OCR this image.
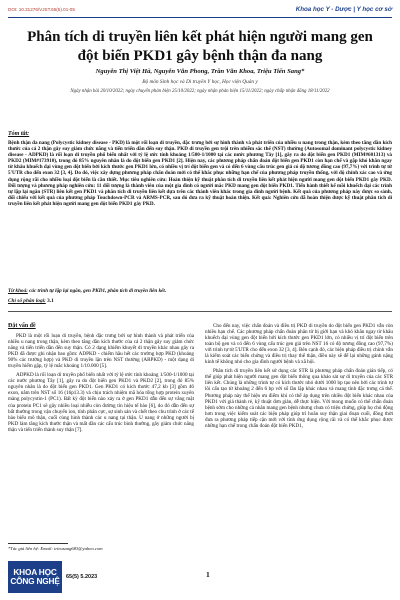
DOI: 10.31276/VJST.65(5).01-05	Khoa học Y - Dược | Y học cơ sở
Phân tích di truyền liên kết phát hiện người mang gen đột biến PKD1 gây bệnh thận đa nang
Nguyễn Thị Việt Hà, Nguyễn Văn Phong, Trần Văn Khoa, Triệu Tiến Sang*
Bộ môn Sinh học và Di truyền Y học, Học viện Quân y
Ngày nhận bài 20/10/2022; ngày chuyển phản biện 25/10/2022; ngày nhận phản biện 15/11/2022; ngày chấp nhận đăng 18/11/2022
Tóm tắt:
Bệnh thận đa nang (Polycystic kidney disease - PKD) là một rối loạn di truyền, đặc trưng bởi sự hình thành và phát triển của nhiều u nang trong thận, kèm theo tăng dần kích thước của cả 2 thận gây suy giảm chức năng và tiến triển dần đến suy thận. PKD di truyền gen trội trên nhiễm sắc thể (NST) thường (Autosomal dominant polycystic kidney disease - ADPKD) là rối loạn di truyền phổ biến nhất với tỷ lệ ước tính khoảng 1/500-1/1000 tại các nước phương Tây [1], gây ra do đột biến gen PKD1 (MIM#601313) và PKD2 (MIM#173910), trong đó 85% nguyên nhân là do đột biến gen PKD1 [2]. Hiện nay, các phương pháp chẩn đoán đột biến gen PKD1 còn hạn chế và gặp khó khăn ngay từ khâu khuếch đại vùng gen đột biến bởi kích thước gen PKD1 lớn, có nhiều vị trí đột biến gen và có đến 6 vùng cấu trúc gen giả có độ tương đồng cao (97,7%) với trình tự từ 5'UTR cho đến exon 32 [3, 4]. Do đó, việc xây dựng phương pháp chẩn đoán mới có thể khắc phục những hạn chế của phương pháp truyền thống, với độ chính xác cao và ứng dụng rộng rãi cho nhiều loại đột biến là cần thiết. Mục tiêu nghiên cứu: Hoàn thiện kỹ thuật phân tích di truyền liên kết phát hiện người mang gen đột biến PKD1 gây PKD. Đối tượng và phương pháp nghiên cứu: 11 đối tượng là thành viên của một gia đình có người mắc PKD mang gen đột biến PKD1. Tiến hành thiết kế mồi khuếch đại các trình tự lặp lại ngắn (STR) liên kết gen PKD1 và phân tích di truyền liên kết dựa trên các thành viên khác trong gia đình người bệnh. Kết quả của phương pháp này được so sánh, đối chiếu với kết quả của phương pháp Touchdown-PCR và ARMS-PCR, sau đó đưa ra kỹ thuật hoàn thiện. Kết quả: Nghiên cứu đã hoàn thiện được kỹ thuật phân tích di truyền liên kết phát hiện người mang gen đột biến PKD1 gây PKD.
Từ khoá: các trình tự lặp lại ngắn, gen PKD1, phân tích di truyền liên kết.
Chỉ số phân loại: 3.1
Đặt vấn đề

PKD là một rối loạn di truyền, bệnh đặc trưng bởi sự hình thành và phát triển của nhiều u nang trong thận, kèm theo tăng dần kích thước của cả 2 thận gây suy giảm chức năng và tiến triển dần đến suy thận. Có 2 dạng khiếm khuyết di truyền khác nhau gây ra PKD đã được ghi nhận bao gồm: ADPKD - chiếm hầu hết các trường hợp PKD (khoảng 90% các trường hợp) và PKD di truyền lặn trên NST thường (ARPKD) - một dạng di truyền hiếm gặp, tỷ lệ mắc khoảng 1/10.000 [5].

ADPKD là rối loạn di truyền phổ biến nhất với tỷ lệ ước tính khoảng 1/500-1/1000 tại các nước phương Tây [1], gây ra do đột biến gen PKD1 và PKD2 [2], trong đó 85% nguyên nhân là do đột biến gen PKD1. Gen PKD1 có kích thước 47,2 kb [3] gồm 46 exon, nằm trên NST số 16 (16p13.3) và chịu trách nhiệm mã hóa tổng hợp protein xuyên màng polycystin-1 (PC1). Bất kỳ đột biến nào xảy ra ở gen PKD1 dẫn đến sự vắng mặt của protein PC1 sẽ gây nhiều loại nhiễu còn đường tín hiệu tế bào [6], do đó dẫn đến sự bất thường trong vận chuyển ion, tính phân cực, sự sinh sản và chết theo chu trình ở các tế bào biểu mô thận, cuối cùng hình thành các u nang tại thận. U nang ở những người bị PKD làm tăng kích thước thận và mất dần các cấu trúc bình thường, gây giảm chức năng thận và tiến triển thành suy thận [7].

Cho đến nay, việc chẩn đoán và điều trị PKD di truyền do đột biến gen PKD1 vẫn còn nhiều hạn chế. Các phương pháp chẩn đoán phân tử bị giới hạn và khó khăn ngay từ khâu khuếch đại vùng gen đột biến bởi kích thước gen PKD1 lớn, có nhiều vị trí đột biến trên toàn bộ gen và có đến 6 vùng cấu trúc gen giả trên NST 16 có độ tương đồng cao (97,7%) với trình tự từ 5'UTR cho đến exon 32 [3, 4]. Bên cạnh đó, các biện pháp điều trị chính vẫn là kiểm soát các biến chứng và điều trị thay thế thận, điều này sẽ để lại những gánh nặng kinh tế không nhỏ cho gia đình người bệnh và xã hội.

Phân tích di truyền liên kết sử dụng các STR là phương pháp chẩn đoán gián tiếp, có thể giúp phát hiện người mang gen đột biến thông qua khảo sát sự di truyền của các STR liên kết. Chúng là những trình tự có kích thước nhỏ dưới 1000 bp tạo nên bởi các trình tự lõi cấu tạo từ khoảng 2 đến 6 bp với số lần lặp khác nhau và mang tính đặc trưng cá thể. Phương pháp này thể hiện ưu điểm khi có thể áp dụng trên nhiều đột biến khác nhau của PKD1 với giá thành rẻ, kỹ thuật đơn giản, dễ thực hiện. Với mong muốn có thể chẩn đoán bệnh sớm cho những cá nhân mang gen bệnh nhưng chưa có triệu chứng, giúp họ chủ động hơn trong việc kiểm soát các biện pháp giúp trì hoãn suy thận giai đoạn cuối, đồng thời đưa ra phương pháp tiếp cận mới với tính ứng dụng rộng rãi và có thể khắc phục được những hạn chế trong chẩn đoán đột biến PKD1,

*Tác giả liên hệ: Email: trieusang683@yahoo.com
KHOA HỌC
CÔNG NGHỆ	65(5) 5.2023	1
